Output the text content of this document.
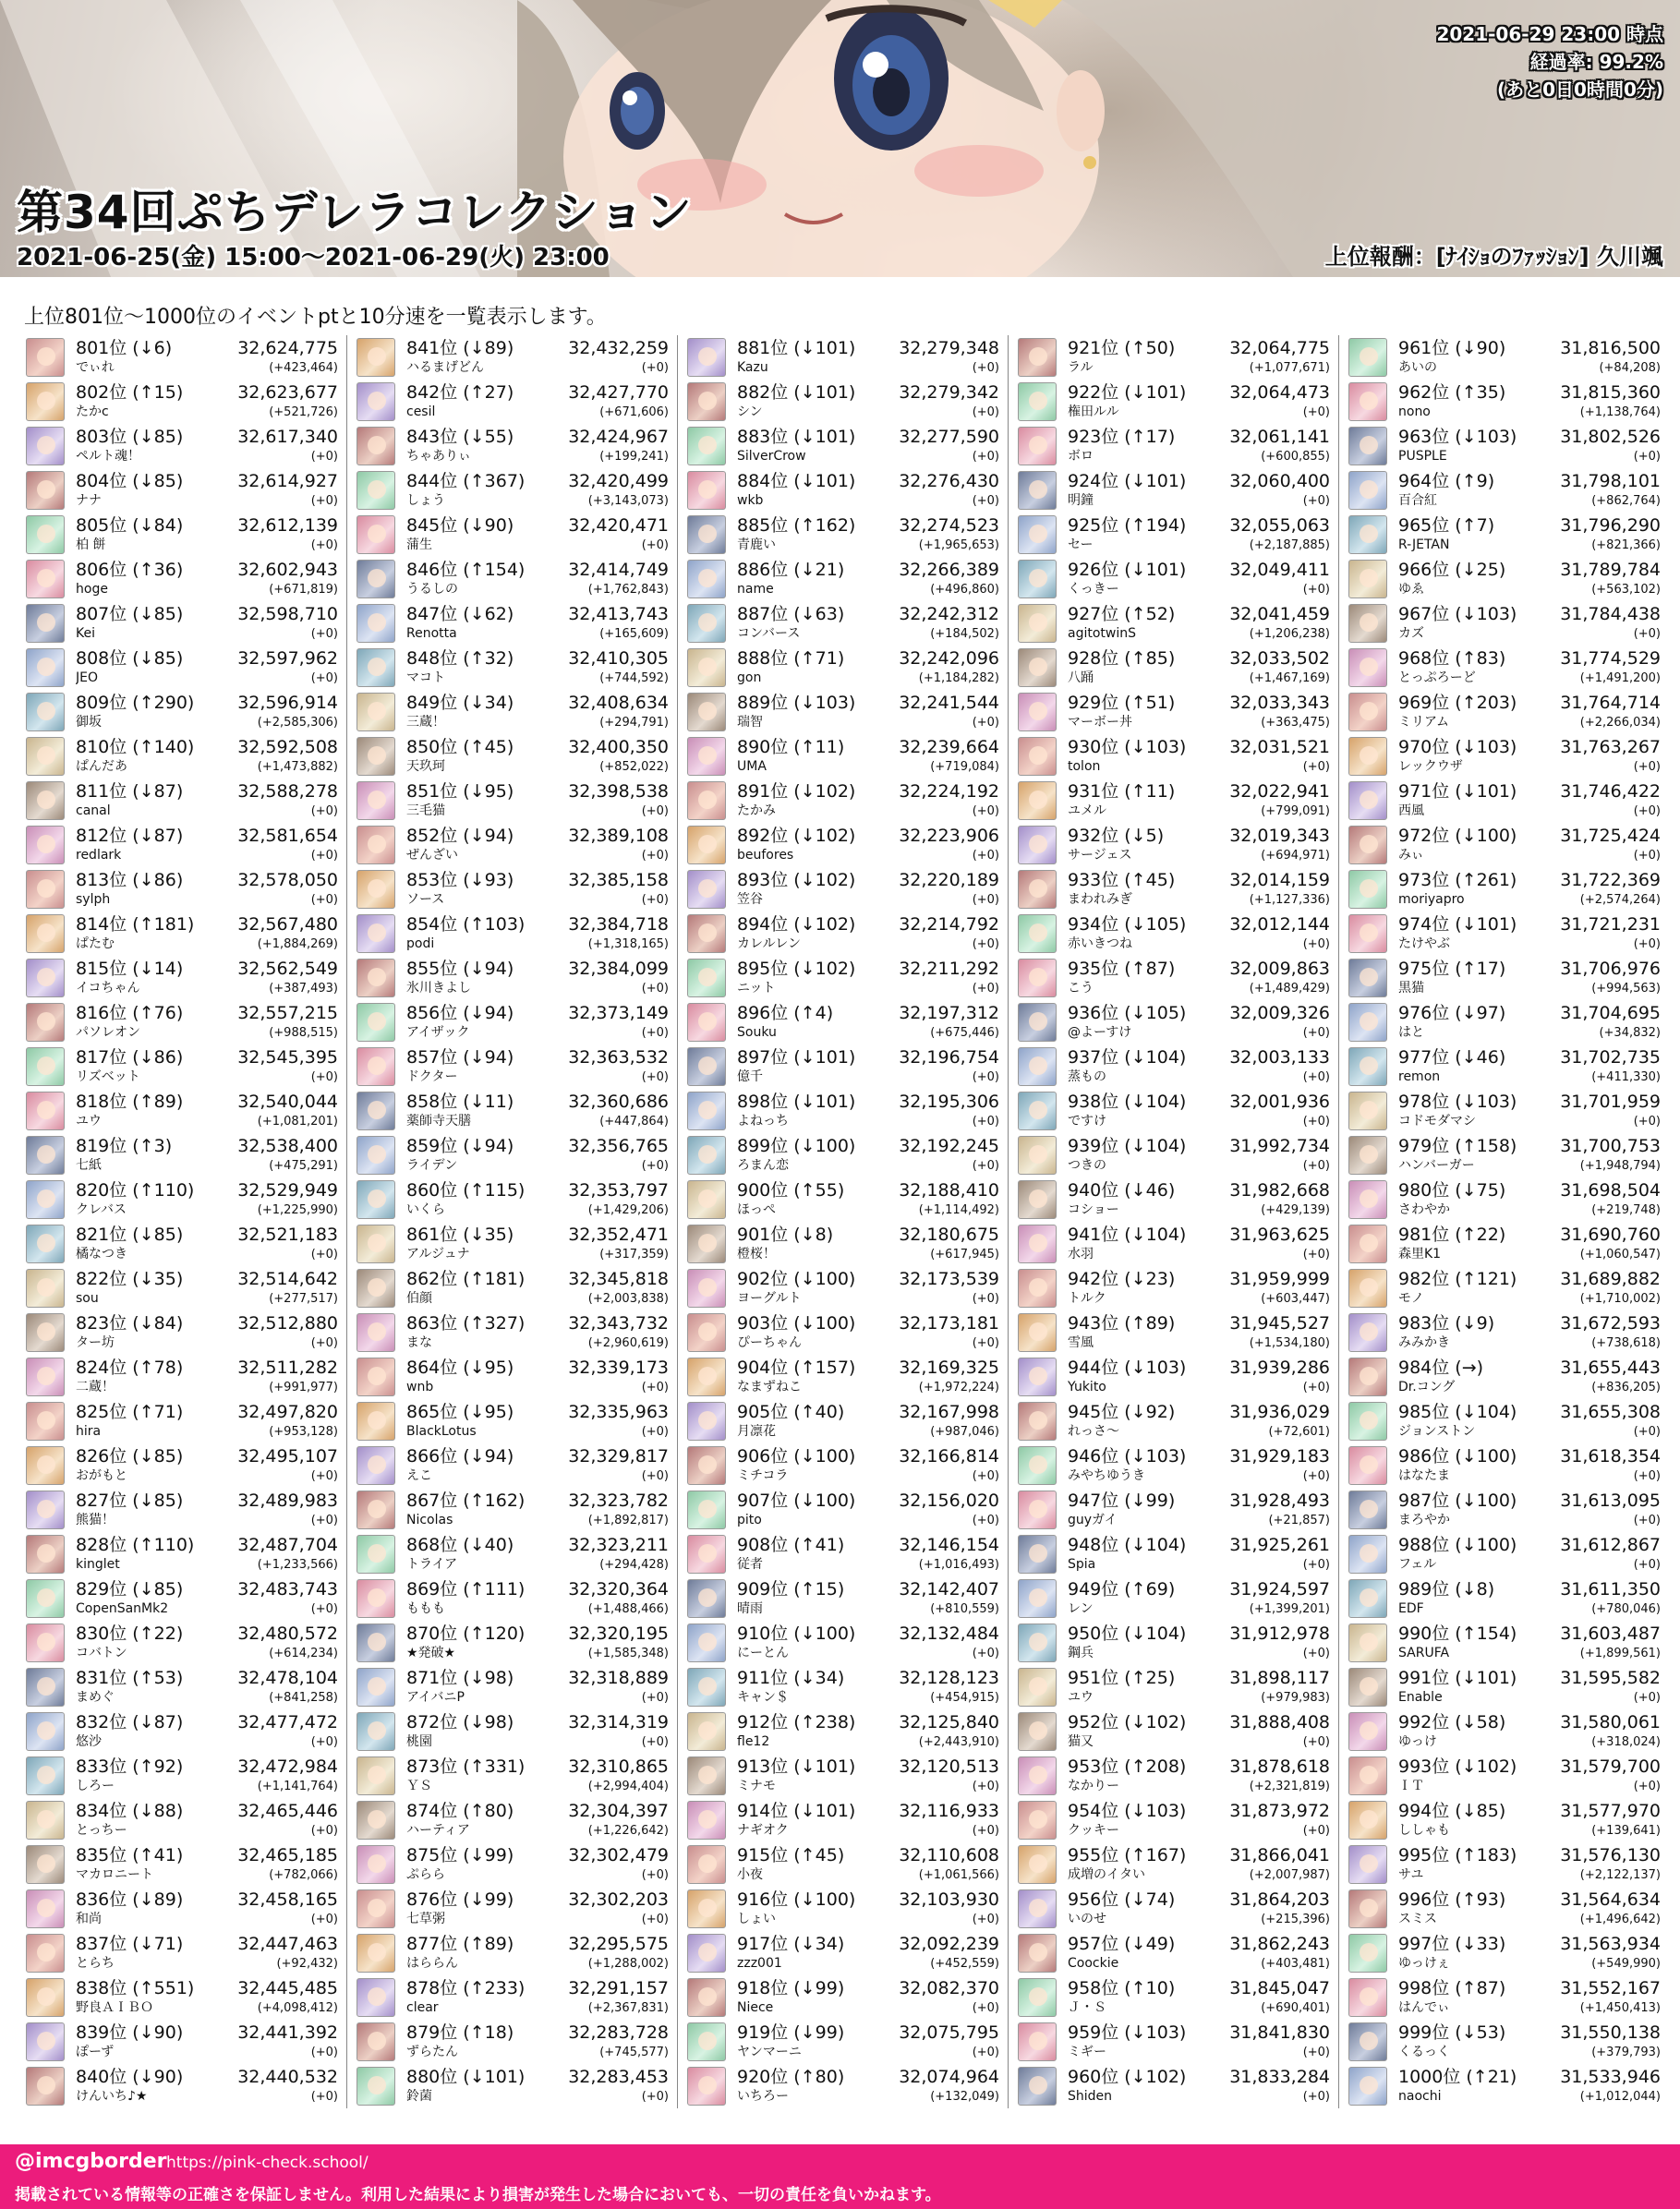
第34回ぷちデレラコレクション
2021-06-25(金) 15:00～2021-06-29(火) 23:00
2021-06-29 23:00 時点
経過率: 99.2%
(あと0日0時間0分)
上位報酬：[ﾅｲｼｮのﾌｧｯｼｮﾝ] 久川颯
上位801位～1000位のイベントptと10分速を一覧表示します。
801位 (↓6)	32,624,775
でぃれ	(+423,464)
802位 (↑15)	32,623,677
たかc	(+521,726)
803位 (↓85)	32,617,340
ペルト魂！	(+0)
804位 (↓85)	32,614,927
ナナ	(+0)
805位 (↓84)	32,612,139
柏 餅	(+0)
806位 (↑36)	32,602,943
hoge	(+671,819)
807位 (↓85)	32,598,710
Kei	(+0)
808位 (↓85)	32,597,962
JEO	(+0)
809位 (↑290) 32,596,914
御坂	(+2,585,306)
810位 (↑140) 32,592,508
ぱんだあ	(+1,473,882)
811位 (↓87)	32,588,278
canal	(+0)
812位 (↓87)	32,581,654
redlark	(+0)
813位 (↓86)	32,578,050
sylph	(+0)
814位 (↑181) 32,567,480
ぱたむ	(+1,884,269)
815位 (↓14)	32,562,549
イコちゃん	(+387,493)
816位 (↑76)	32,557,215
パソレオン	(+988,515)
817位 (↓86)	32,545,395
リズベット	(+0)
818位 (↑89)	32,540,044
ユウ	(+1,081,201)
819位 (↑3)	32,538,400
七紙	(+475,291)
820位 (↑110) 32,529,949
クレバス	(+1,225,990)
821位 (↓85)	32,521,183
橘なつき	(+0)
822位 (↓35)	32,514,642
sou	(+277,517)
823位 (↓84)	32,512,880
ター坊	(+0)
824位 (↑78)	32,511,282
二蔵！	(+991,977)
825位 (↑71)	32,497,820
hira	(+953,128)
826位 (↓85)	32,495,107
おがもと	(+0)
827位 (↓85)	32,489,983
熊猫！	(+0)
828位 (↑110) 32,487,704
kinglet	(+1,233,566)
829位 (↓85)	32,483,743
CopenSanMk2	(+0)
830位 (↑22)	32,480,572
コバトン	(+614,234)
831位 (↑53)	32,478,104
まめぐ	(+841,258)
832位 (↓87)	32,477,472
悠沙	(+0)
833位 (↑92)	32,472,984
しろー	(+1,141,764)
834位 (↓88)	32,465,446
とっちー	(+0)
835位 (↑41)	32,465,185
マカロニート	(+782,066)
836位 (↓89)	32,458,165
和尚	(+0)
837位 (↓71)	32,447,463
とらち	(+92,432)
838位 (↑551) 32,445,485
野良ＡＩＢＯ	(+4,098,412)
839位 (↓90)	32,441,392
ぽーず	(+0)
840位 (↓90)	32,440,532
けんいち♪★	(+0)
841位 (↓89)	32,432,259
ハるまげどん	(+0)
842位 (↑27)	32,427,770
cesil	(+671,606)
843位 (↓55)	32,424,967
ちゃありぃ	(+199,241)
844位 (↑367) 32,420,499
しょう	(+3,143,073)
845位 (↓90)	32,420,471
蒲生	(+0)
846位 (↑154) 32,414,749
うるしの	(+1,762,843)
847位 (↓62)	32,413,743
Renotta	(+165,609)
848位 (↑32)	32,410,305
マコト	(+744,592)
849位 (↓34)	32,408,634
三蔵！	(+294,791)
850位 (↑45)	32,400,350
天玖珂	(+852,022)
851位 (↓95)	32,398,538
三毛猫	(+0)
852位 (↓94)	32,389,108
ぜんざい	(+0)
853位 (↓93)	32,385,158
ソース	(+0)
854位 (↑103) 32,384,718
podi	(+1,318,165)
855位 (↓94)	32,384,099
氷川きよし	(+0)
856位 (↓94)	32,373,149
アイザック	(+0)
857位 (↓94)	32,363,532
ドクター	(+0)
858位 (↓11)	32,360,686
薬師寺天膳	(+447,864)
859位 (↓94)	32,356,765
ライデン	(+0)
860位 (↑115) 32,353,797
いくら	(+1,429,206)
861位 (↓35)	32,352,471
アルジュナ	(+317,359)
862位 (↑181) 32,345,818
伯顔	(+2,003,838)
863位 (↑327) 32,343,732
まな	(+2,960,619)
864位 (↓95)	32,339,173
wnb	(+0)
865位 (↓95)	32,335,963
BlackLotus	(+0)
866位 (↓94)	32,329,817
えこ	(+0)
867位 (↑162) 32,323,782
Nicolas	(+1,892,817)
868位 (↓40)	32,323,211
トライア	(+294,428)
869位 (↑111) 32,320,364
ももも	(+1,488,466)
870位 (↑120) 32,320,195
★発破★	(+1,585,348)
871位 (↓98)	32,318,889
アイバニP	(+0)
872位 (↓98)	32,314,319
桃園	(+0)
873位 (↑331) 32,310,865
ＹＳ	(+2,994,404)
874位 (↑80)	32,304,397
ハーティア	(+1,226,642)
875位 (↓99)	32,302,479
ぷらら	(+0)
876位 (↓99)	32,302,203
七草粥	(+0)
877位 (↑89)	32,295,575
はららん	(+1,288,002)
878位 (↑233) 32,291,157
clear	(+2,367,831)
879位 (↑18)	32,283,728
ずらたん	(+745,577)
880位 (↓101) 32,283,453
鈴菌	(+0)
881位 (↓101) 32,279,348
Kazu	(+0)
882位 (↓101) 32,279,342
シン	(+0)
883位 (↓101) 32,277,590
SilverCrow	(+0)
884位 (↓101) 32,276,430
wkb	(+0)
885位 (↑162) 32,274,523
青鹿い	(+1,965,653)
886位 (↓21)	32,266,389
name	(+496,860)
887位 (↓63)	32,242,312
コンバース	(+184,502)
888位 (↑71)	32,242,096
gon	(+1,184,282)
889位 (↓103) 32,241,544
瑞智	(+0)
890位 (↑11)	32,239,664
UMA	(+719,084)
891位 (↓102) 32,224,192
たかみ	(+0)
892位 (↓102) 32,223,906
beufores	(+0)
893位 (↓102) 32,220,189
笠谷	(+0)
894位 (↓102) 32,214,792
カレルレン	(+0)
895位 (↓102) 32,211,292
ニット	(+0)
896位 (↑4)	32,197,312
Souku	(+675,446)
897位 (↓101) 32,196,754
億千	(+0)
898位 (↓101) 32,195,306
よねっち	(+0)
899位 (↓100) 32,192,245
ろまん恋	(+0)
900位 (↑55)	32,188,410
ほっぺ	(+1,114,492)
901位 (↓8)	32,180,675
橙桜！	(+617,945)
902位 (↓100) 32,173,539
ヨーグルト	(+0)
903位 (↓100) 32,173,181
ぴーちゃん	(+0)
904位 (↑157) 32,169,325
なまずねこ	(+1,972,224)
905位 (↑40)	32,167,998
月凛花	(+987,046)
906位 (↓100) 32,166,814
ミチコラ	(+0)
907位 (↓100) 32,156,020
pito	(+0)
908位 (↑41)	32,146,154
従者	(+1,016,493)
909位 (↑15)	32,142,407
晴雨	(+810,559)
910位 (↓100) 32,132,484
にーとん	(+0)
911位 (↓34)	32,128,123
キャン＄	(+454,915)
912位 (↑238) 32,125,840
fle12	(+2,443,910)
913位 (↓101) 32,120,513
ミナモ	(+0)
914位 (↓101) 32,116,933
ナギオク	(+0)
915位 (↑45)	32,110,608
小夜	(+1,061,566)
916位 (↓100) 32,103,930
しょい	(+0)
917位 (↓34)	32,092,239
zzz001	(+452,559)
918位 (↓99)	32,082,370
Niece	(+0)
919位 (↓99)	32,075,795
ヤンマーニ	(+0)
920位 (↑80)	32,074,964
いちろー	(+132,049)
921位 (↑50)	32,064,775
ラル	(+1,077,671)
922位 (↓101) 32,064,473
権田ルル	(+0)
923位 (↑17)	32,061,141
ボロ	(+600,855)
924位 (↓101) 32,060,400
明鐘	(+0)
925位 (↑194) 32,055,063
セー	(+2,187,885)
926位 (↓101) 32,049,411
くっきー	(+0)
927位 (↑52)	32,041,459
agitotwinS	(+1,206,238)
928位 (↑85)	32,033,502
八踊	(+1,467,169)
929位 (↑51)	32,033,343
マーボー丼	(+363,475)
930位 (↓103) 32,031,521
tolon	(+0)
931位 (↑11)	32,022,941
ユメル	(+799,091)
932位 (↓5)	32,019,343
サージェス	(+694,971)
933位 (↑45)	32,014,159
まわれみぎ	(+1,127,336)
934位 (↓105) 32,012,144
赤いきつね	(+0)
935位 (↑87)	32,009,863
こう	(+1,489,429)
936位 (↓105) 32,009,326
@よーすけ	(+0)
937位 (↓104) 32,003,133
蒸もの	(+0)
938位 (↓104) 32,001,936
ですけ	(+0)
939位 (↓104) 31,992,734
つきの	(+0)
940位 (↓46)	31,982,668
コショー	(+429,139)
941位 (↓104) 31,963,625
水羽	(+0)
942位 (↓23)	31,959,999
トルク	(+603,447)
943位 (↑89)	31,945,527
雪風	(+1,534,180)
944位 (↓103) 31,939,286
Yukito	(+0)
945位 (↓92)	31,936,029
れっさ～	(+72,601)
946位 (↓103) 31,929,183
みやちゆうき	(+0)
947位 (↓99)	31,928,493
guyガイ	(+21,857)
948位 (↓104) 31,925,261
Spia	(+0)
949位 (↑69)	31,924,597
レン	(+1,399,201)
950位 (↓104) 31,912,978
鋼兵	(+0)
951位 (↑25)	31,898,117
ユウ	(+979,983)
952位 (↓102) 31,888,408
猫又	(+0)
953位 (↑208) 31,878,618
なかりー	(+2,321,819)
954位 (↓103) 31,873,972
クッキー	(+0)
955位 (↑167) 31,866,041
成増のイタい	(+2,007,987)
956位 (↓74)	31,864,203
いのせ	(+215,396)
957位 (↓49)	31,862,243
Coockie	(+403,481)
958位 (↑10)	31,845,047
Ｊ・Ｓ	(+690,401)
959位 (↓103) 31,841,830
ミギー	(+0)
960位 (↓102) 31,833,284
Shiden	(+0)
961位 (↓90)	31,816,500
あいの	(+84,208)
962位 (↑35)	31,815,360
nono	(+1,138,764)
963位 (↓103) 31,802,526
PUSPLE	(+0)
964位 (↑9)	31,798,101
百合紅	(+862,764)
965位 (↑7)	31,796,290
R-JETAN	(+821,366)
966位 (↓25)	31,789,784
ゆゑ	(+563,102)
967位 (↓103) 31,784,438
カズ	(+0)
968位 (↑83)	31,774,529
とっぷろーど	(+1,491,200)
969位 (↑203) 31,764,714
ミリアム	(+2,266,034)
970位 (↓103) 31,763,267
レックウザ	(+0)
971位 (↓101) 31,746,422
西風	(+0)
972位 (↓100) 31,725,424
みぃ	(+0)
973位 (↑261) 31,722,369
moriyapro	(+2,574,264)
974位 (↓101) 31,721,231
たけやぶ	(+0)
975位 (↑17)	31,706,976
黒猫	(+994,563)
976位 (↓97)	31,704,695
はと	(+34,832)
977位 (↓46)	31,702,735
remon	(+411,330)
978位 (↓103) 31,701,959
コドモダマシ	(+0)
979位 (↑158) 31,700,753
ハンバーガー	(+1,948,794)
980位 (↓75)	31,698,504
さわやか	(+219,748)
981位 (↑22)	31,690,760
森里K1	(+1,060,547)
982位 (↑121) 31,689,882
モノ	(+1,710,002)
983位 (↓9)	31,672,593
みみかき	(+738,618)
984位 (→)	31,655,443
Dr.コング	(+836,205)
985位 (↓104) 31,655,308
ジョンストン	(+0)
986位 (↓100) 31,618,354
はなたま	(+0)
987位 (↓100) 31,613,095
まろやか	(+0)
988位 (↓100) 31,612,867
フェル	(+0)
989位 (↓8)	31,611,350
EDF	(+780,046)
990位 (↑154) 31,603,487
SARUFA	(+1,899,561)
991位 (↓101) 31,595,582
Enable	(+0)
992位 (↓58)	31,580,061
ゆっけ	(+318,024)
993位 (↓102) 31,579,700
ＩＴ	(+0)
994位 (↓85)	31,577,970
ししゃも	(+139,641)
995位 (↑183) 31,576,130
サユ	(+2,122,137)
996位 (↑93)	31,564,634
スミス	(+1,496,642)
997位 (↓33)	31,563,934
ゆっけぇ	(+549,990)
998位 (↑87)	31,552,167
はんでぃ	(+1,450,413)
999位 (↓53)	31,550,138
くるっく	(+379,793)
1000位 (↑21) 31,533,946
naochi	(+1,012,044)
@imcgborder https://pink-check.school/
掲載されている情報等の正確さを保証しません。利用した結果により損害が発生した場合においても、一切の責任を負いかねます。
